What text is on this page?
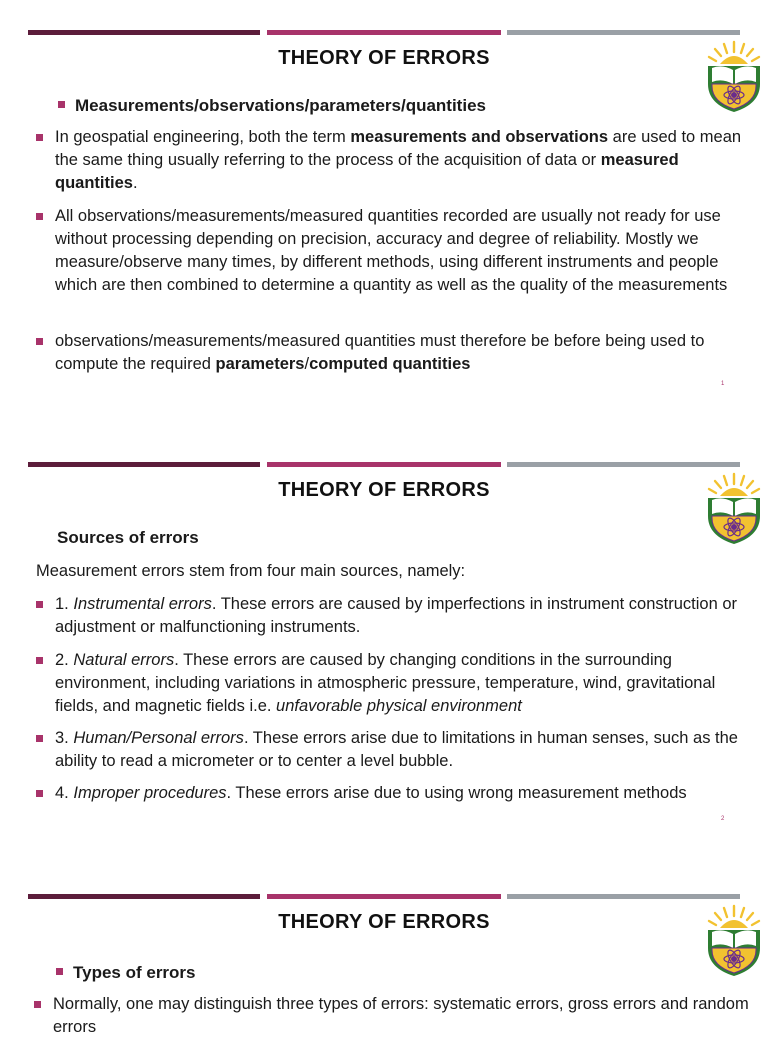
THEORY OF ERRORS
Measurements/observations/parameters/quantities
In geospatial engineering, both the term measurements and observations are used to mean the same thing usually referring to the process of the acquisition of data or measured quantities.
All observations/measurements/measured quantities recorded are usually not ready for use without processing depending on precision, accuracy and degree of reliability. Mostly we measure/observe many times, by different methods, using different instruments and people which are then combined to determine a quantity as well as the quality of the measurements
observations/measurements/measured quantities must therefore be before being used to compute the required parameters/computed quantities
1
THEORY OF ERRORS
Sources of errors
Measurement errors stem from four main sources, namely:
1. Instrumental errors. These errors are caused by imperfections in instrument construction or adjustment or malfunctioning instruments.
2. Natural errors. These errors are caused by changing conditions in the surrounding environment, including variations in atmospheric pressure, temperature, wind, gravitational fields, and magnetic fields i.e. unfavorable physical environment
3. Human/Personal errors. These errors arise due to limitations in human senses, such as the ability to read a micrometer or to center a level bubble.
4. Improper procedures. These errors arise due to using wrong measurement methods
2
THEORY OF ERRORS
Types of errors
Normally, one may distinguish three types of errors: systematic errors, gross errors and random errors
